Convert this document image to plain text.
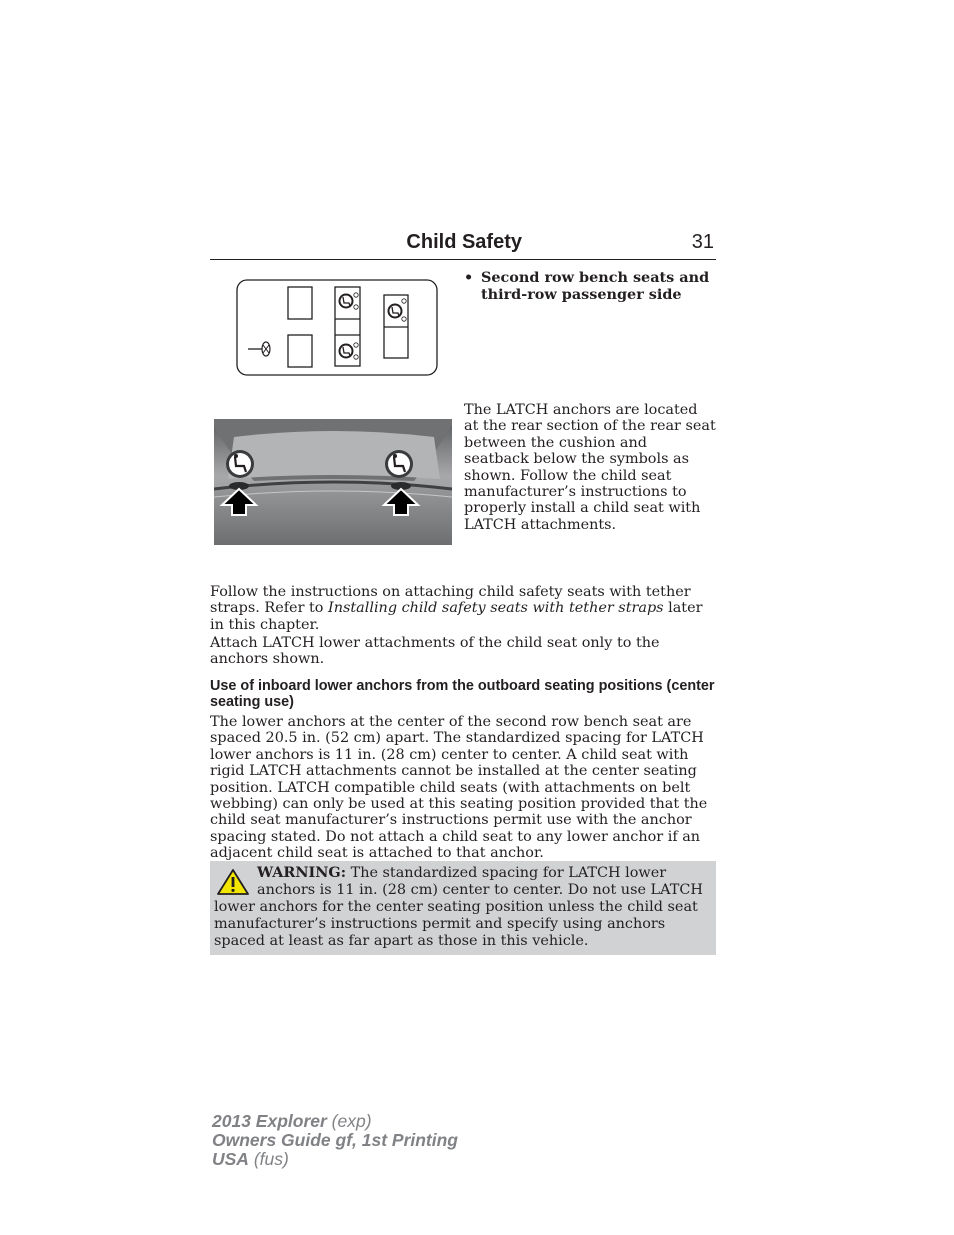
Child Safety	31
• Second row bench seats and third-row passenger side
The LATCH anchors are located at the rear section of the rear seat between the cushion and seatback below the symbols as shown. Follow the child seat manufacturer’s instructions to properly install a child seat with LATCH attachments.
Follow the instructions on attaching child safety seats with tether straps. Refer to Installing child safety seats with tether straps later in this chapter.
Attach LATCH lower attachments of the child seat only to the anchors shown.
Use of inboard lower anchors from the outboard seating positions (center seating use)
The lower anchors at the center of the second row bench seat are spaced 20.5 in. (52 cm) apart. The standardized spacing for LATCH lower anchors is 11 in. (28 cm) center to center. A child seat with rigid LATCH attachments cannot be installed at the center seating position. LATCH compatible child seats (with attachments on belt webbing) can only be used at this seating position provided that the child seat manufacturer’s instructions permit use with the anchor spacing stated. Do not attach a child seat to any lower anchor if an adjacent child seat is attached to that anchor.
WARNING: The standardized spacing for LATCH lower anchors is 11 in. (28 cm) center to center. Do not use LATCH lower anchors for the center seating position unless the child seat manufacturer’s instructions permit and specify using anchors spaced at least as far apart as those in this vehicle.
2013 Explorer (exp)
Owners Guide gf, 1st Printing
USA (fus)
